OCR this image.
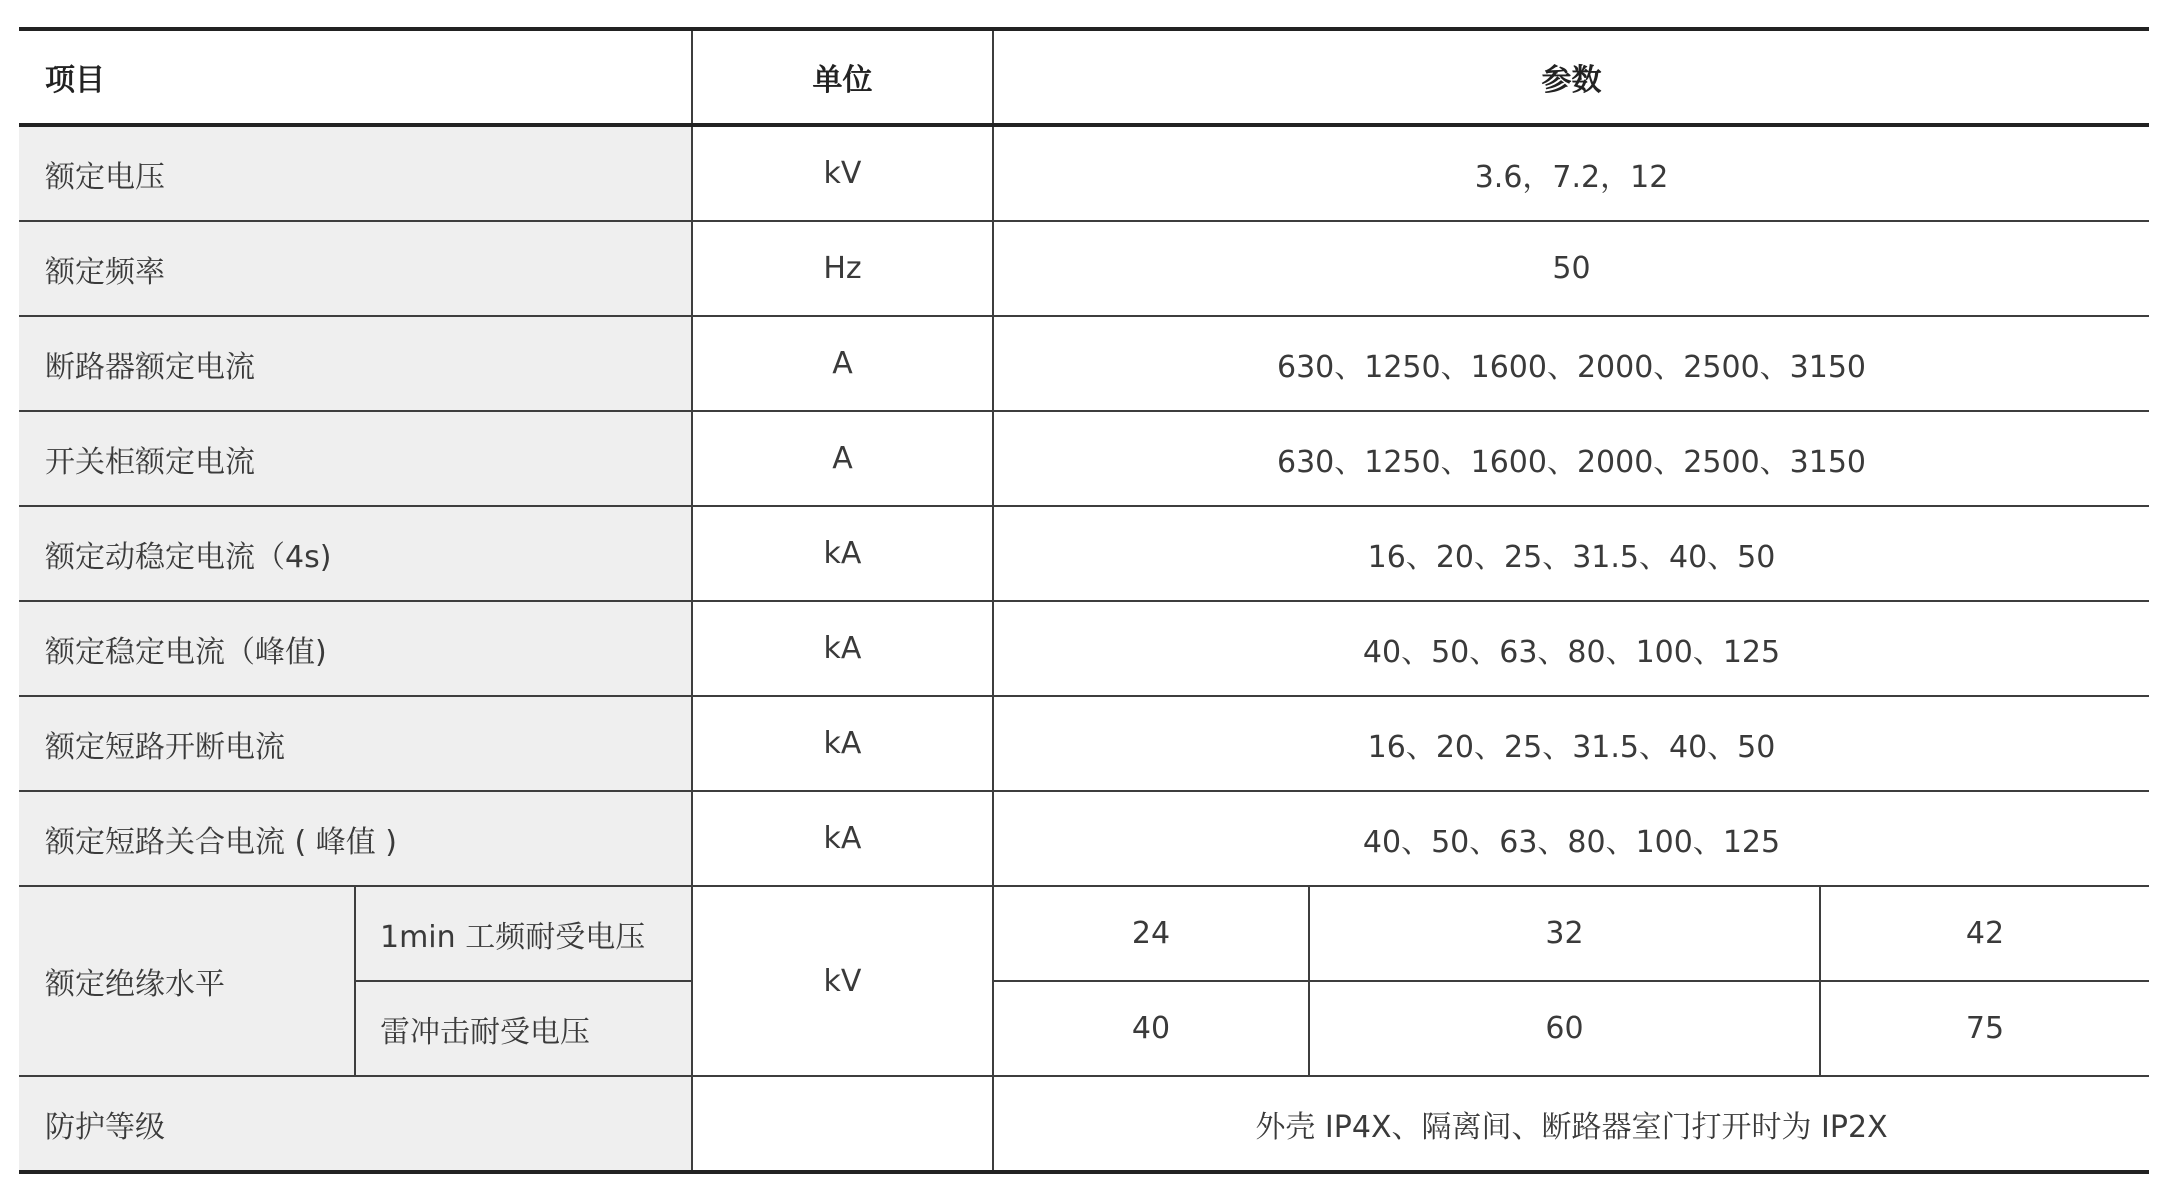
项目		单位	参数		
额定电压		kV	3.6，7.2，12		
额定频率		Hz	50		
断路器额定电流		A	630、1250、1600、2000、2500、3150		
开关柜额定电流		A	630、1250、1600、2000、2500、3150		
额定动稳定电流（4s)		kA	16、20、25、31.5、40、50		
额定稳定电流（峰值)		kA	40、50、63、80、100、125		
额定短路开断电流		kA	16、20、25、31.5、40、50		
额定短路关合电流 ( 峰值 )		kA	40、50、63、80、100、125		
额定绝缘水平	1min 工频耐受电压	kV	24	32	42
	雷冲击耐受电压		40	60	75
防护等级			外壳 IP4X、隔离间、断路器室门打开时为 IP2X		
